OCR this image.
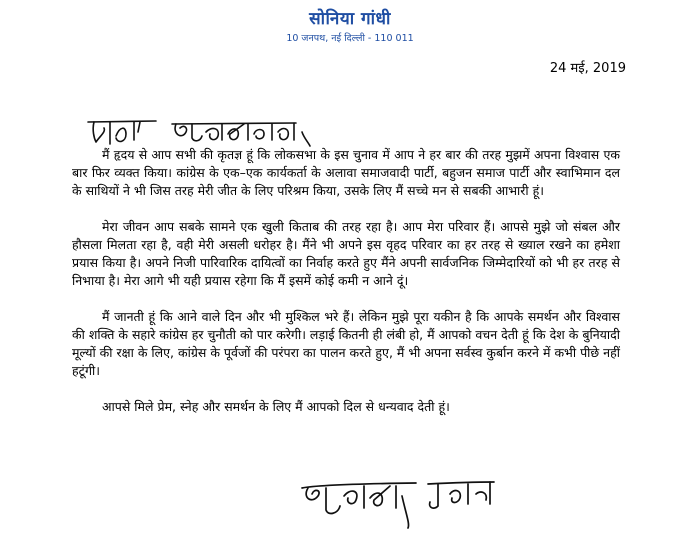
सोनिया गांधी
10 जनपथ, नई दिल्ली - 110 011
24 मई, 2019

मैं हृदय से आप सभी की कृतज्ञ हूं कि लोकसभा के इस चुनाव में आप ने हर बार की तरह मुझमें अपना विश्वास एक बार फिर व्यक्त किया। कांग्रेस के एक–एक कार्यकर्ता के अलावा समाजवादी पार्टी, बहुजन समाज पार्टी और स्वाभिमान दल के साथियों ने भी जिस तरह मेरी जीत के लिए परिश्रम किया, उसके लिए मैं सच्चे मन से सबकी आभारी हूं।

मेरा जीवन आप सबके सामने एक खुली किताब की तरह रहा है। आप मेरा परिवार हैं। आपसे मुझे जो संबल और हौसला मिलता रहा है, वही मेरी असली धरोहर है। मैंने भी अपने इस वृहद परिवार का हर तरह से ख्याल रखने का हमेशा प्रयास किया है। अपने निजी पारिवारिक दायित्वों का निर्वाह करते हुए मैंने अपनी सार्वजनिक जिम्मेदारियों को भी हर तरह से निभाया है। मेरा आगे भी यही प्रयास रहेगा कि मैं इसमें कोई कमी न आने दूं।

मैं जानती हूं कि आने वाले दिन और भी मुश्किल भरे हैं। लेकिन मुझे पूरा यकीन है कि आपके समर्थन और विश्वास की शक्ति के सहारे कांग्रेस हर चुनौती को पार करेगी। लड़ाई कितनी ही लंबी हो, मैं आपको वचन देती हूं कि देश के बुनियादी मूल्यों की रक्षा के लिए, कांग्रेस के पूर्वजों की परंपरा का पालन करते हुए, मैं भी अपना सर्वस्व कुर्बान करने में कभी पीछे नहीं हटूंगी।

आपसे मिले प्रेम, स्नेह और समर्थन के लिए मैं आपको दिल से धन्यवाद देती हूं।
